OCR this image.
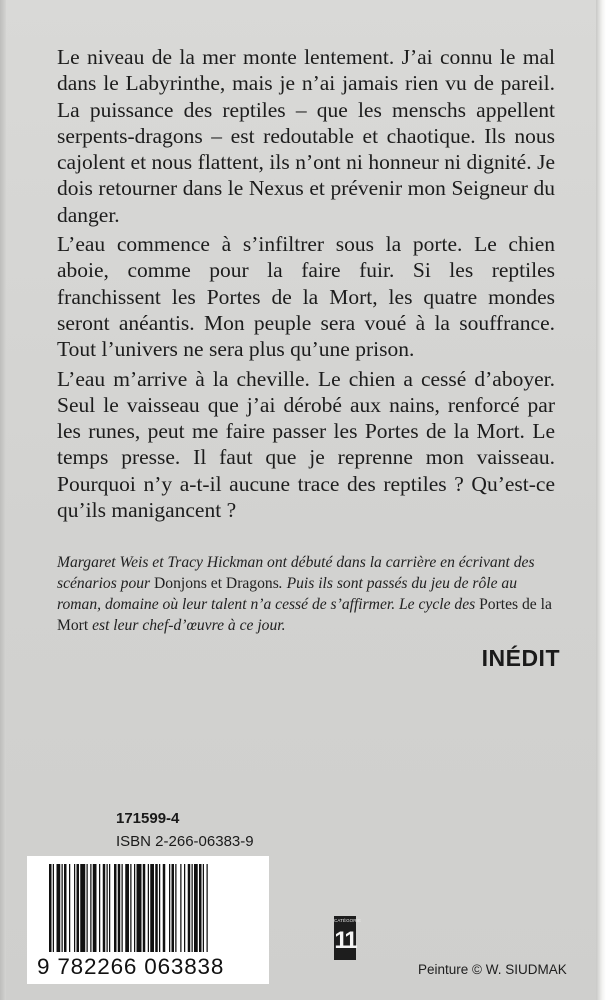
Le niveau de la mer monte lentement. J’ai connu le mal dans le Labyrinthe, mais je n’ai jamais rien vu de pareil. La puissance des reptiles – que les menschs appellent serpents-dragons – est redoutable et chaotique. Ils nous cajolent et nous flattent, ils n’ont ni honneur ni dignité. Je dois retourner dans le Nexus et prévenir mon Seigneur du danger.

L’eau commence à s’infiltrer sous la porte. Le chien aboie, comme pour la faire fuir. Si les reptiles franchissent les Portes de la Mort, les quatre mondes seront anéantis. Mon peuple sera voué à la souffrance. Tout l’univers ne sera plus qu’une prison.

L’eau m’arrive à la cheville. Le chien a cessé d’aboyer. Seul le vaisseau que j’ai dérobé aux nains, renforcé par les runes, peut me faire passer les Portes de la Mort. Le temps presse. Il faut que je reprenne mon vaisseau. Pourquoi n’y a-t-il aucune trace des reptiles ? Qu’est-ce qu’ils manigancent ?

Margaret Weis et Tracy Hickman ont débuté dans la carrière en écrivant des scénarios pour Donjons et Dragons. Puis ils sont passés du jeu de rôle au roman, domaine où leur talent n’a cessé de s’affirmer. Le cycle des Portes de la Mort est leur chef-d’œuvre à ce jour.
INÉDIT
171599-4
ISBN 2-266-06383-9
9 782266 063838
CATÉGORIE
11
Peinture © W. SIUDMAK
